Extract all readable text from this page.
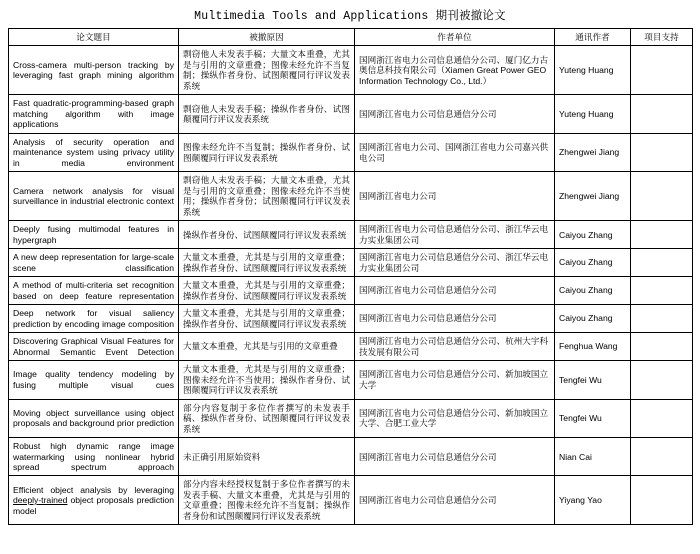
Multimedia Tools and Applications 期刊被撤论文
论文题目	被撤原因	作者单位	通讯作者	项目支持
Cross-camera multi-person tracking by leveraging fast graph mining algorithm	剽窃他人未发表手稿；大量文本重叠，尤其是与引用的文章重叠；图像未经允许不当复制；操纵作者身份、试图颠覆同行评议发表系统	国网浙江省电力公司信息通信分公司、厦门亿力古奥信息科技有限公司（Xiamen Great Power GEO Information Technology Co., Ltd.）	Yuteng Huang	
Fast quadratic-programming-based graph matching algorithm with image applications	剽窃他人未发表手稿；操纵作者身份、试图颠覆同行评议发表系统	国网浙江省电力公司信息通信分公司	Yuteng Huang	
Analysis of security operation and maintenance system using privacy utility in media environment	图像未经允许不当复制；操纵作者身份、试图颠覆同行评议发表系统	国网浙江省电力公司、国网浙江省电力公司嘉兴供电公司	Zhengwei Jiang	
Camera network analysis for visual surveillance in industrial electronic context	剽窃他人未发表手稿；大量文本重叠，尤其是与引用的文章重叠；图像未经允许不当使用；操纵作者身份；试图颠覆同行评议发表系统	国网浙江省电力公司	Zhengwei Jiang	
Deeply fusing multimodal features in hypergraph	操纵作者身份、试图颠覆同行评议发表系统	国网浙江省电力公司信息通信分公司、浙江华云电力实业集团公司	Caiyou Zhang	
A new deep representation for large-scale scene classification	大量文本重叠，尤其是与引用的文章重叠；操纵作者身份、试图颠覆同行评议发表系统	国网浙江省电力公司信息通信分公司、浙江华云电力实业集团公司	Caiyou Zhang	
A method of multi-criteria set recognition based on deep feature representation	大量文本重叠，尤其是与引用的文章重叠；操纵作者身份、试图颠覆同行评议发表系统	国网浙江省电力公司信息通信分公司	Caiyou Zhang	
Deep network for visual saliency prediction by encoding image composition	大量文本重叠，尤其是与引用的文章重叠；操纵作者身份、试图颠覆同行评议发表系统	国网浙江省电力公司信息通信分公司	Caiyou Zhang	
Discovering Graphical Visual Features for Abnormal Semantic Event Detection	大量文本重叠，尤其是与引用的文章重叠	国网浙江省电力公司信息通信分公司、杭州大宇科技发展有限公司	Fenghua Wang	
Image quality tendency modeling by fusing multiple visual cues	大量文本重叠，尤其是与引用的文章重叠；图像未经允许不当使用；操纵作者身份、试图颠覆同行评议发表系统	国网浙江省电力公司信息通信分公司、新加坡国立大学	Tengfei Wu	
Moving object surveillance using object proposals and background prior prediction	部分内容复制于多位作者撰写的未发表手稿、操纵作者身份、试图颠覆同行评议发表系统	国网浙江省电力公司信息通信分公司、新加坡国立大学、合肥工业大学	Tengfei Wu	
Robust high dynamic range image watermarking using nonlinear hybrid spread spectrum approach	未正确引用原始资料	国网浙江省电力公司信息通信分公司	Nian Cai	
Efficient object analysis by leveraging deeply-trained object proposals prediction model	部分内容未经授权复制于多位作者撰写的未发表手稿、大量文本重叠，尤其是与引用的文章重叠；图像未经允许不当复制；操纵作者身份和试图颠覆同行评议发表系统	国网浙江省电力公司信息通信分公司	Yiyang Yao	
